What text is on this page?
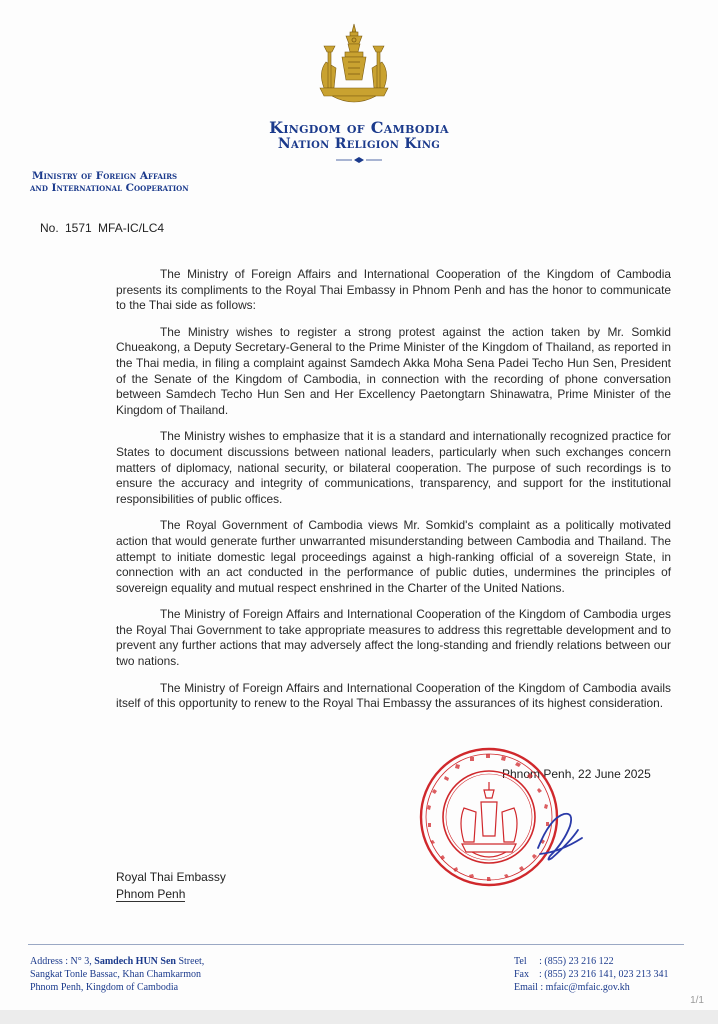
Kingdom of Cambodia
Nation Religion King
Ministry of Foreign Affairs
and International Cooperation
No. 1571 MFA-IC/LC4

The Ministry of Foreign Affairs and International Cooperation of the Kingdom of Cambodia presents its compliments to the Royal Thai Embassy in Phnom Penh and has the honor to communicate to the Thai side as follows:

The Ministry wishes to register a strong protest against the action taken by Mr. Somkid Chueakong, a Deputy Secretary-General to the Prime Minister of the Kingdom of Thailand, as reported in the Thai media, in filing a complaint against Samdech Akka Moha Sena Padei Techo Hun Sen, President of the Senate of the Kingdom of Cambodia, in connection with the recording of phone conversation between Samdech Techo Hun Sen and Her Excellency Paetongtarn Shinawatra, Prime Minister of the Kingdom of Thailand.

The Ministry wishes to emphasize that it is a standard and internationally recognized practice for States to document discussions between national leaders, particularly when such exchanges concern matters of diplomacy, national security, or bilateral cooperation. The purpose of such recordings is to ensure the accuracy and integrity of communications, transparency, and support for the institutional responsibilities of public offices.

The Royal Government of Cambodia views Mr. Somkid's complaint as a politically motivated action that would generate further unwarranted misunderstanding between Cambodia and Thailand. The attempt to initiate domestic legal proceedings against a high-ranking official of a sovereign State, in connection with an act conducted in the performance of public duties, undermines the principles of sovereign equality and mutual respect enshrined in the Charter of the United Nations.

The Ministry of Foreign Affairs and International Cooperation of the Kingdom of Cambodia urges the Royal Thai Government to take appropriate measures to address this regrettable development and to prevent any further actions that may adversely affect the long-standing and friendly relations between our two nations.

The Ministry of Foreign Affairs and International Cooperation of the Kingdom of Cambodia avails itself of this opportunity to renew to the Royal Thai Embassy the assurances of its highest consideration.

Phnom Penh, 22 June 2025
Royal Thai Embassy
Phnom Penh
Address : N° 3, Samdech HUN Sen Street,
Sangkat Tonle Bassac, Khan Chamkarmon
Phnom Penh, Kingdom of Cambodia
Tel     : (855) 23 216 122
Fax    : (855) 23 216 141, 023 213 341
Email : mfaic@mfaic.gov.kh
1/1
